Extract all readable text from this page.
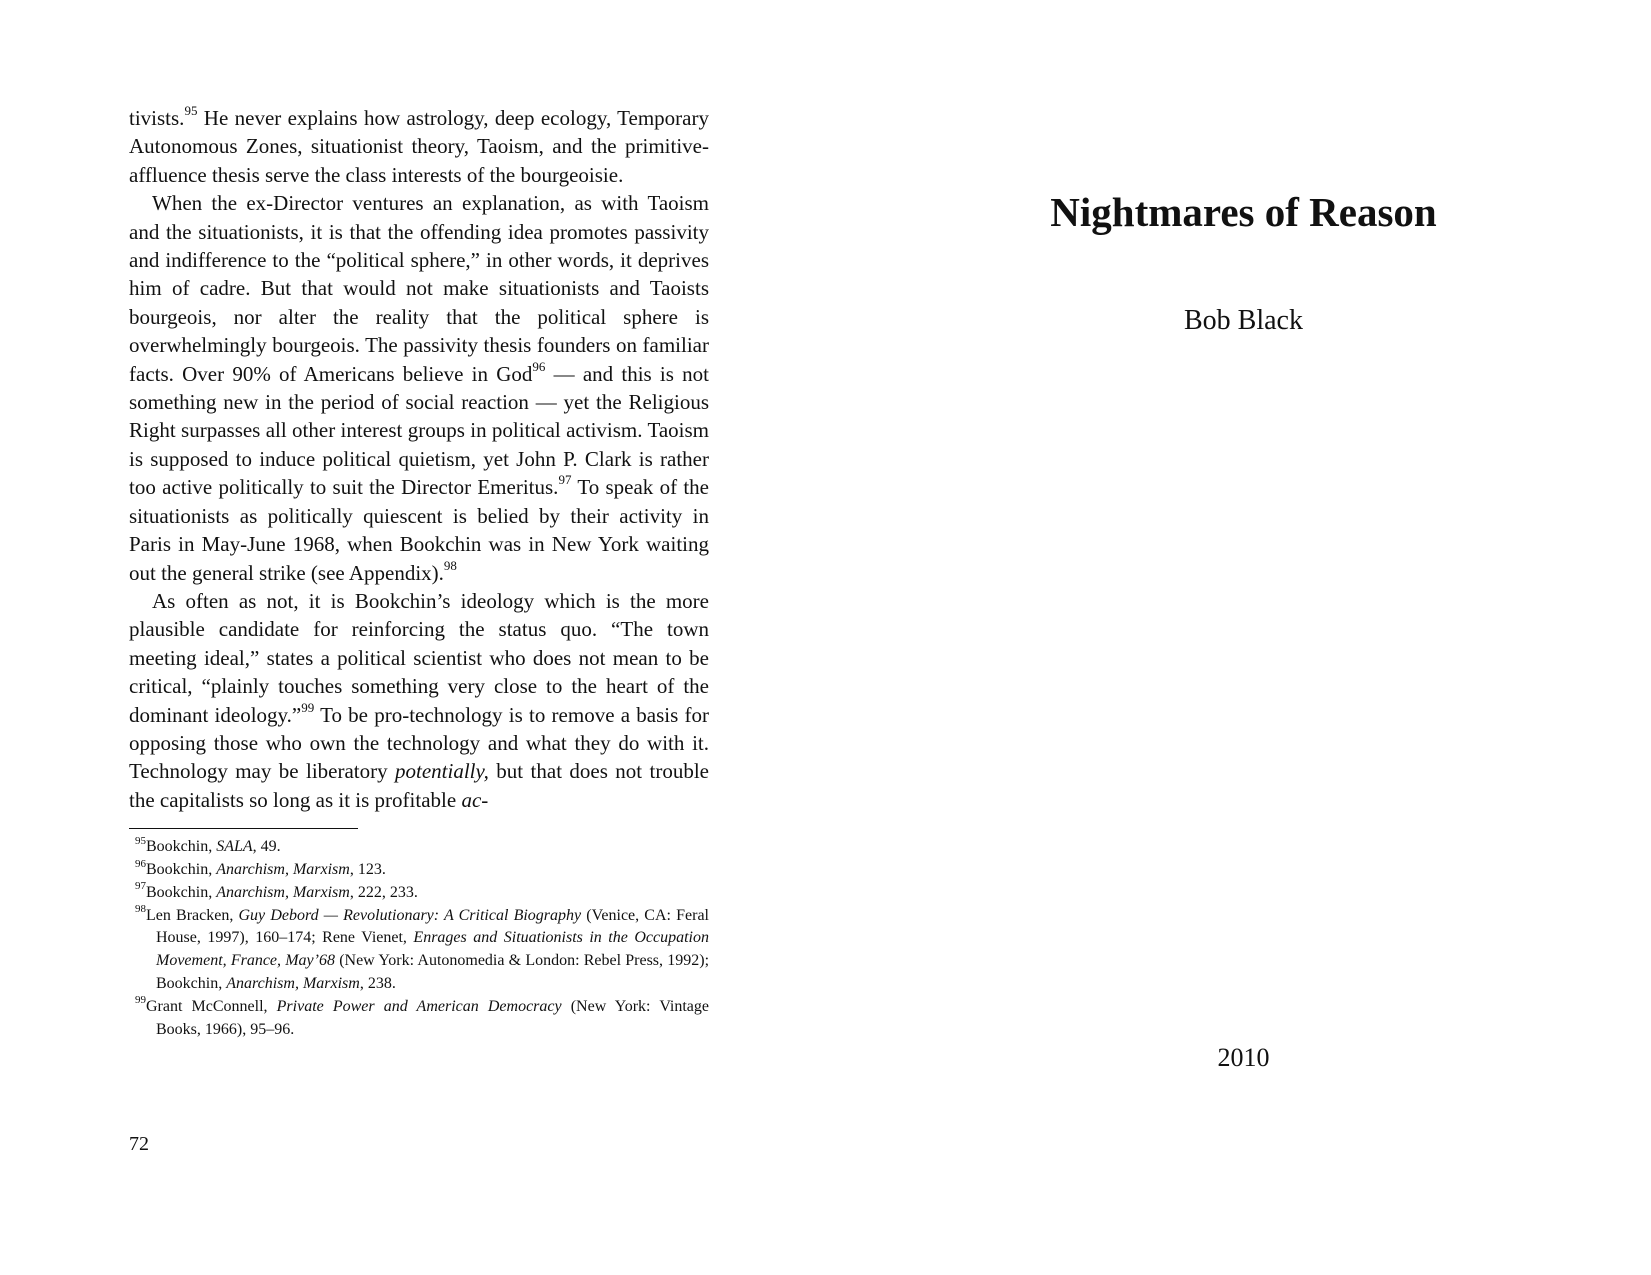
tivists.$^{95}$ He never explains how astrology, deep ecology, Temporary Autonomous Zones, situationist theory, Taoism, and the primitive-affluence thesis serve the class interests of the bourgeoisie.

When the ex-Director ventures an explanation, as with Taoism and the situationists, it is that the offending idea promotes passivity and indifference to the “political sphere,” in other words, it deprives him of cadre. But that would not make situationists and Taoists bourgeois, nor alter the reality that the political sphere is overwhelmingly bourgeois. The passivity thesis founders on familiar facts. Over 90% of Americans believe in God$^{96}$ — and this is not something new in the period of social reaction — yet the Religious Right surpasses all other interest groups in political activism. Taoism is supposed to induce political quietism, yet John P. Clark is rather too active politically to suit the Director Emeritus.$^{97}$ To speak of the situationists as politically quiescent is belied by their activity in Paris in May-June 1968, when Bookchin was in New York waiting out the general strike (see Appendix).$^{98}$

As often as not, it is Bookchin’s ideology which is the more plausible candidate for reinforcing the status quo. “The town meeting ideal,” states a political scientist who does not mean to be critical, “plainly touches something very close to the heart of the dominant ideology.”$^{99}$ To be pro-technology is to remove a basis for opposing those who own the technology and what they do with it. Technology may be liberatory potentially, but that does not trouble the capitalists so long as it is profitable ac-

$^{95}$Bookchin, SALA, 49.
$^{96}$Bookchin, Anarchism, Marxism, 123.
$^{97}$Bookchin, Anarchism, Marxism, 222, 233.
$^{98}$Len Bracken, Guy Debord — Revolutionary: A Critical Biography (Venice, CA: Feral House, 1997), 160–174; Rene Vienet, Enrages and Situationists in the Occupation Movement, France, May’68 (New York: Autonomedia & London: Rebel Press, 1992); Bookchin, Anarchism, Marxism, 238.
$^{99}$Grant McConnell, Private Power and American Democracy (New York: Vintage Books, 1966), 95–96.
72
Nightmares of Reason
Bob Black
2010
